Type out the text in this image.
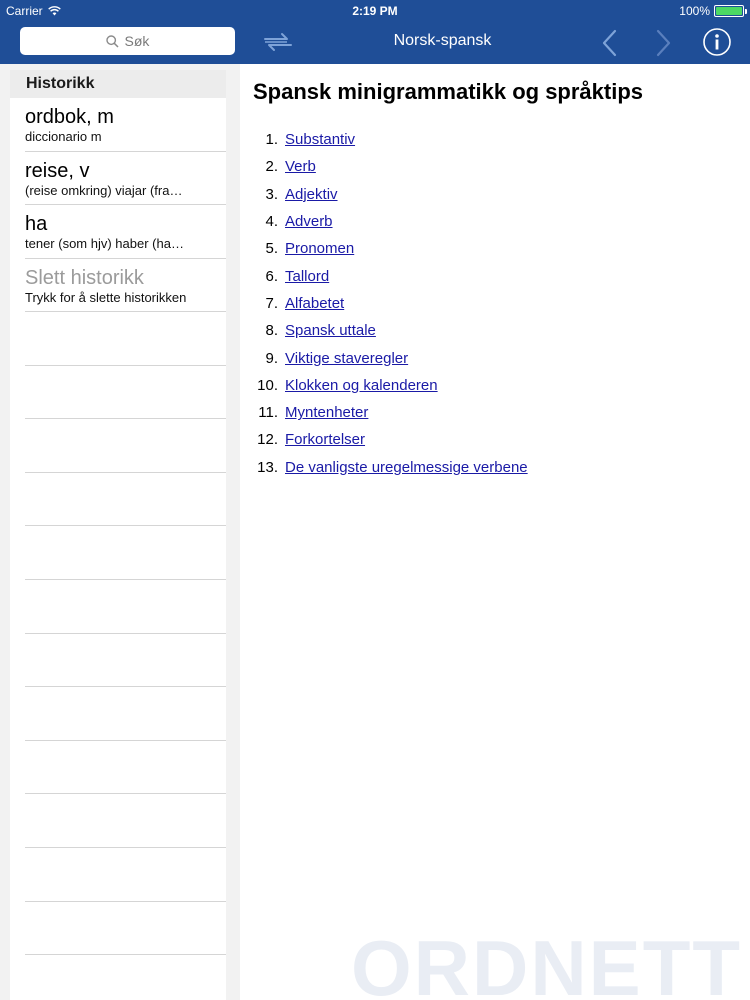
Carrier	2:19 PM	100%
Søk	Norsk-spansk
Historikk
ordbok, m
diccionario m
reise, v
(reise omkring) viajar (fra…
ha
tener (som hjv) haber (ha…
Slett historikk
Trykk for å slette historikken
Spansk minigrammatikk og språktips
1. Substantiv
2. Verb
3. Adjektiv
4. Adverb
5. Pronomen
6. Tallord
7. Alfabetet
8. Spansk uttale
9. Viktige staveregler
10. Klokken og kalenderen
11. Myntenheter
12. Forkortelser
13. De vanligste uregelmessige verbene
ORDNETT
